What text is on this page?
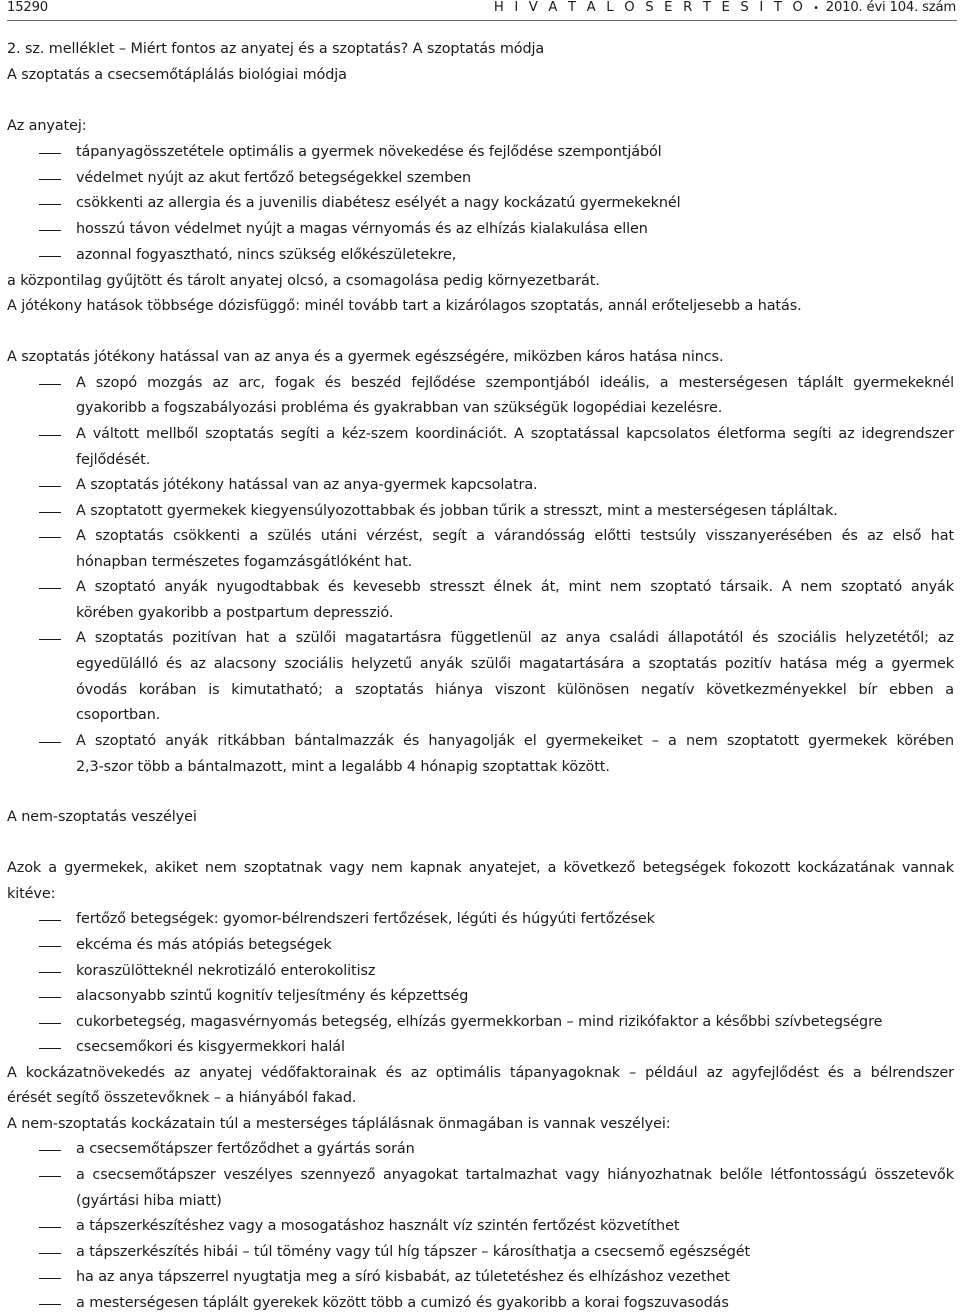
15290	H I V A T A L O S É R T E S Í T Ő • 2010. évi 104. szám
2. sz. melléklet – Miért fontos az anyatej és a szoptatás? A szoptatás módja
A szoptatás a csecsemőtáplálás biológiai módja
Az anyatej:
tápanyagösszetétele optimális a gyermek növekedése és fejlődése szempontjából
védelmet nyújt az akut fertőző betegségekkel szemben
csökkenti az allergia és a juvenilis diabétesz esélyét a nagy kockázatú gyermekeknél
hosszú távon védelmet nyújt a magas vérnyomás és az elhízás kialakulása ellen
azonnal fogyasztható, nincs szükség előkészületekre,
a központilag gyűjtött és tárolt anyatej olcsó, a csomagolása pedig környezetbarát.
A jótékony hatások többsége dózisfüggő: minél tovább tart a kizárólagos szoptatás, annál erőteljesebb a hatás.
A szoptatás jótékony hatással van az anya és a gyermek egészségére, miközben káros hatása nincs.
A szopó mozgás az arc, fogak és beszéd fejlődése szempontjából ideális, a mesterségesen táplált gyermekeknél
gyakoribb a fogszabályozási probléma és gyakrabban van szükségük logopédiai kezelésre.
A váltott mellből szoptatás segíti a kéz-szem koordinációt. A szoptatással kapcsolatos életforma segíti az idegrendszer
fejlődését.
A szoptatás jótékony hatással van az anya-gyermek kapcsolatra.
A szoptatott gyermekek kiegyensúlyozottabbak és jobban tűrik a stresszt, mint a mesterségesen tápláltak.
A szoptatás csökkenti a szülés utáni vérzést, segít a várandósság előtti testsúly visszanyerésében és az első hat
hónapban természetes fogamzásgátlóként hat.
A szoptató anyák nyugodtabbak és kevesebb stresszt élnek át, mint nem szoptató társaik. A nem szoptató anyák
körében gyakoribb a postpartum depresszió.
A szoptatás pozitívan hat a szülői magatartásra függetlenül az anya családi állapotától és szociális helyzetétől; az
egyedülálló és az alacsony szociális helyzetű anyák szülői magatartására a szoptatás pozitív hatása még a gyermek
óvodás korában is kimutatható; a szoptatás hiánya viszont különösen negatív következményekkel bír ebben a
csoportban.
A szoptató anyák ritkábban bántalmazzák és hanyagolják el gyermekeiket – a nem szoptatott gyermekek körében
2,3-szor több a bántalmazott, mint a legalább 4 hónapig szoptattak között.
A nem-szoptatás veszélyei
Azok a gyermekek, akiket nem szoptatnak vagy nem kapnak anyatejet, a következő betegségek fokozott kockázatának vannak
kitéve:
fertőző betegségek: gyomor-bélrendszeri fertőzések, légúti és húgyúti fertőzések
ekcéma és más atópiás betegségek
koraszülötteknél nekrotizáló enterokolitisz
alacsonyabb szintű kognitív teljesítmény és képzettség
cukorbetegség, magasvérnyomás betegség, elhízás gyermekkorban – mind rizikófaktor a későbbi szívbetegségre
csecsemőkori és kisgyermekkori halál
A kockázatnövekedés az anyatej védőfaktorainak és az optimális tápanyagoknak – például az agyfejlődést és a bélrendszer
érését segítő összetevőknek – a hiányából fakad.
A nem-szoptatás kockázatain túl a mesterséges táplálásnak önmagában is vannak veszélyei:
a csecsemőtápszer fertőződhet a gyártás során
a csecsemőtápszer veszélyes szennyező anyagokat tartalmazhat vagy hiányozhatnak belőle létfontosságú összetevők
(gyártási hiba miatt)
a tápszerkészítéshez vagy a mosogatáshoz használt víz szintén fertőzést közvetíthet
a tápszerkészítés hibái – túl tömény vagy túl híg tápszer – károsíthatja a csecsemő egészségét
ha az anya tápszerrel nyugtatja meg a síró kisbabát, az túletetéshez és elhízáshoz vezethet
a mesterségesen táplált gyerekek között több a cumizó és gyakoribb a korai fogszuvasodás
